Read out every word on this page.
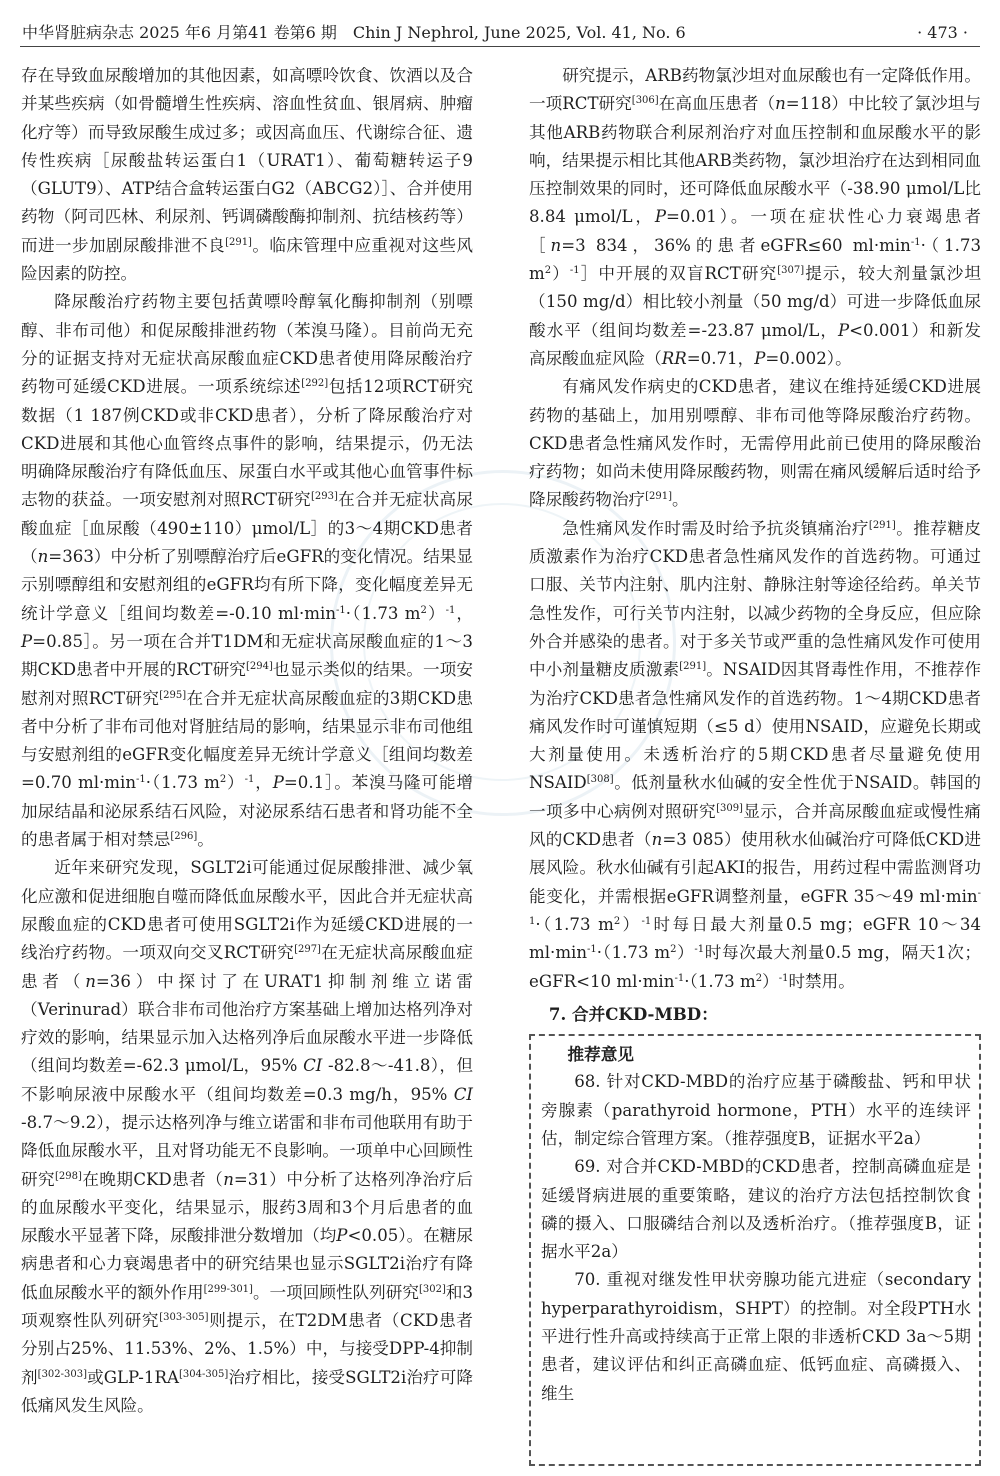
中华肾脏病杂志 2025 年6 月第41 卷第6 期　Chin J Nephrol, June 2025, Vol. 41, No. 6	· 473 ·

存在导致血尿酸增加的其他因素，如高嘌呤饮食、饮酒以及合并某些疾病（如骨髓增生性疾病、溶血性贫血、银屑病、肿瘤化疗等）而导致尿酸生成过多；或因高血压、代谢综合征、遗传性疾病［尿酸盐转运蛋白1（URAT1）、葡萄糖转运子9（GLUT9）、ATP结合盒转运蛋白G2（ABCG2）］、合并使用药物（阿司匹林、利尿剂、钙调磷酸酶抑制剂、抗结核药等）而进一步加剧尿酸排泄不良[291]。临床管理中应重视对这些风险因素的防控。

降尿酸治疗药物主要包括黄嘌呤醇氧化酶抑制剂（别嘌醇、非布司他）和促尿酸排泄药物（苯溴马隆）。目前尚无充分的证据支持对无症状高尿酸血症CKD患者使用降尿酸治疗药物可延缓CKD进展。一项系统综述[292]包括12项RCT研究数据（1 187例CKD或非CKD患者），分析了降尿酸治疗对CKD进展和其他心血管终点事件的影响，结果提示，仍无法明确降尿酸治疗有降低血压、尿蛋白水平或其他心血管事件标志物的获益。一项安慰剂对照RCT研究[293]在合并无症状高尿酸血症［血尿酸（490±110）μmol/L］的3～4期CKD患者（n=363）中分析了别嘌醇治疗后eGFR的变化情况。结果显示别嘌醇组和安慰剂组的eGFR均有所下降，变化幅度差异无统计学意义［组间均数差=-0.10 $ml\cdot\min^{-1}\cdot(1.73$ $m^2)^{-1}$，P=0.85］。另一项在合并T1DM和无症状高尿酸血症的1～3期CKD患者中开展的RCT研究[294]也显示类似的结果。一项安慰剂对照RCT研究[295]在合并无症状高尿酸血症的3期CKD患者中分析了非布司他对肾脏结局的影响，结果显示非布司他组与安慰剂组的eGFR变化幅度差异无统计学意义［组间均数差=0.70 $ml\cdot\min^{-1}\cdot(1.73$ $m^2)^{-1}$，P=0.1］。苯溴马隆可能增加尿结晶和泌尿系结石风险，对泌尿系结石患者和肾功能不全的患者属于相对禁忌[296]。

近年来研究发现，SGLT2i可能通过促尿酸排泄、减少氧化应激和促进细胞自噬而降低血尿酸水平，因此合并无症状高尿酸血症的CKD患者可使用SGLT2i作为延缓CKD进展的一线治疗药物。一项双向交叉RCT研究[297]在无症状高尿酸血症患者（n=36）中探讨了在URAT1抑制剂维立诺雷（Verinurad）联合非布司他治疗方案基础上增加达格列净对疗效的影响，结果显示加入达格列净后血尿酸水平进一步降低（组间均数差=-62.3 μmol/L，95% CI -82.8～-41.8），但不影响尿液中尿酸水平（组间均数差=0.3 mg/h，95% CI -8.7～9.2），提示达格列净与维立诺雷和非布司他联用有助于降低血尿酸水平，且对肾功能无不良影响。一项单中心回顾性研究[298]在晚期CKD患者（n=31）中分析了达格列净治疗后的血尿酸水平变化，结果显示，服药3周和3个月后患者的血尿酸水平显著下降，尿酸排泄分数增加（均P<0.05）。在糖尿病患者和心力衰竭患者中的研究结果也显示SGLT2i治疗有降低血尿酸水平的额外作用[299-301]。一项回顾性队列研究[302]和3项观察性队列研究[303-305]则提示，在T2DM患者（CKD患者分别占25%、11.53%、2%、1.5%）中，与接受DPP-4抑制剂[302-303]或GLP-1RA[304-305]治疗相比，接受SGLT2i治疗可降低痛风发生风险。

研究提示，ARB药物氯沙坦对血尿酸也有一定降低作用。一项RCT研究[306]在高血压患者（n=118）中比较了氯沙坦与其他ARB药物联合利尿剂治疗对血压控制和血尿酸水平的影响，结果提示相比其他ARB类药物，氯沙坦治疗在达到相同血压控制效果的同时，还可降低血尿酸水平（-38.90 μmol/L比8.84 μmol/L，P=0.01）。一项在症状性心力衰竭患者［n=3 834，36%的患者eGFR≤60 $ml\cdot\min^{-1}\cdot(1.73$ $m^2)^{-1}]$中开展的双盲RCT研究[307]提示，较大剂量氯沙坦（150 mg/d）相比较小剂量（50 mg/d）可进一步降低血尿酸水平（组间均数差=-23.87 μmol/L，P<0.001）和新发高尿酸血症风险（RR=0.71，P=0.002）。

有痛风发作病史的CKD患者，建议在维持延缓CKD进展药物的基础上，加用别嘌醇、非布司他等降尿酸治疗药物。CKD患者急性痛风发作时，无需停用此前已使用的降尿酸治疗药物；如尚未使用降尿酸药物，则需在痛风缓解后适时给予降尿酸药物治疗[291]。

急性痛风发作时需及时给予抗炎镇痛治疗[291]。推荐糖皮质激素作为治疗CKD患者急性痛风发作的首选药物。可通过口服、关节内注射、肌内注射、静脉注射等途径给药。单关节急性发作，可行关节内注射，以减少药物的全身反应，但应除外合并感染的患者。对于多关节或严重的急性痛风发作可使用中小剂量糖皮质激素[291]。NSAID因其肾毒性作用，不推荐作为治疗CKD患者急性痛风发作的首选药物。1～4期CKD患者痛风发作时可谨慎短期（≤5 d）使用NSAID，应避免长期或大剂量使用。未透析治疗的5期CKD患者尽量避免使用NSAID[308]。低剂量秋水仙碱的安全性优于NSAID。韩国的一项多中心病例对照研究[309]显示，合并高尿酸血症或慢性痛风的CKD患者（n=3 085）使用秋水仙碱治疗可降低CKD进展风险。秋水仙碱有引起AKI的报告，用药过程中需监测肾功能变化，并需根据eGFR调整剂量，eGFR 35～49 $ml\cdot\min^{-1}\cdot(1.73$ $m^2)^{-1}$时每日最大剂量0.5 mg；eGFR 10～34 $ml\cdot\min^{-1}\cdot(1.73$ $m^2)^{-1}$时每次最大剂量0.5 mg，隔天1次；eGFR<10 $ml\cdot\min^{-1}\cdot(1.73$ $m^2)^{-1}$时禁用。

7. 合并CKD-MBD：

推荐意见

68. 针对CKD-MBD的治疗应基于磷酸盐、钙和甲状旁腺素（parathyroid hormone，PTH）水平的连续评估，制定综合管理方案。（推荐强度B，证据水平2a）

69. 对合并CKD-MBD的CKD患者，控制高磷血症是延缓肾病进展的重要策略，建议的治疗方法包括控制饮食磷的摄入、口服磷结合剂以及透析治疗。（推荐强度B，证据水平2a）

70. 重视对继发性甲状旁腺功能亢进症（secondary hyperparathyroidism，SHPT）的控制。对全段PTH水平进行性升高或持续高于正常上限的非透析CKD 3a～5期患者，建议评估和纠正高磷血症、低钙血症、高磷摄入、维生
